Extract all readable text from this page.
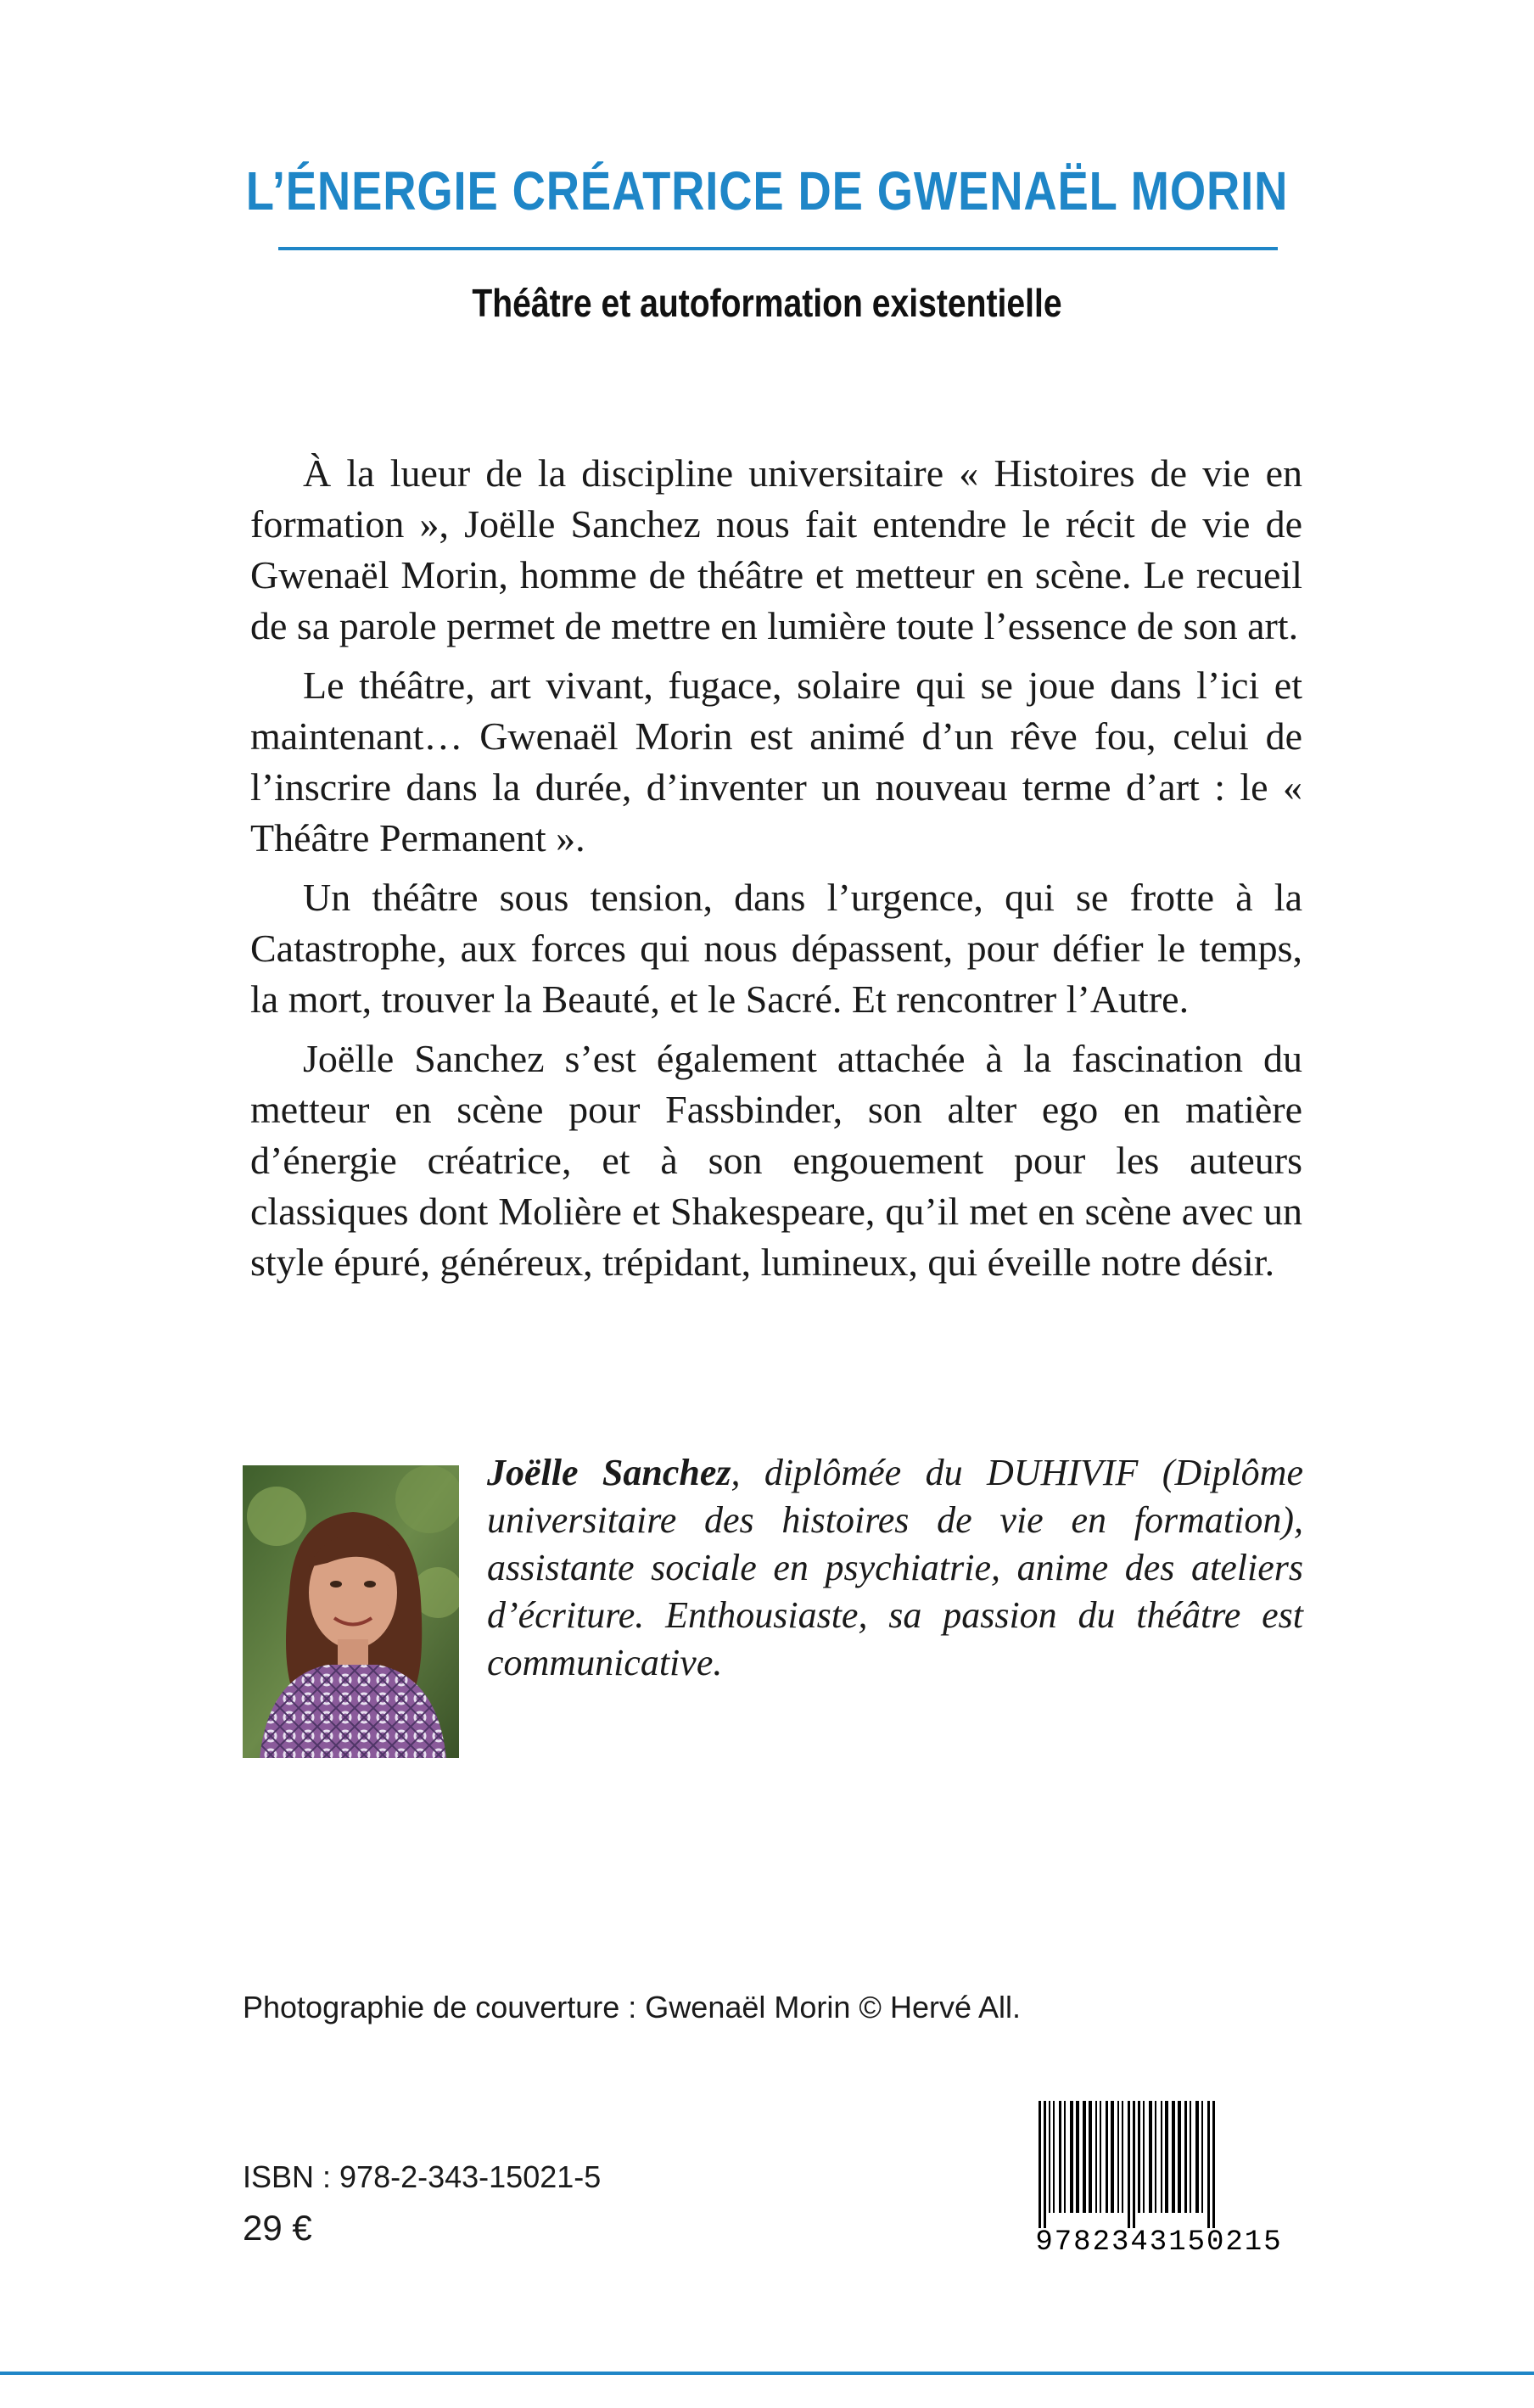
L’ÉNERGIE CRÉATRICE DE GWENAËL MORIN
Théâtre et autoformation existentielle

À la lueur de la discipline universitaire « Histoires de vie en formation », Joëlle Sanchez nous fait entendre le récit de vie de Gwenaël Morin, homme de théâtre et metteur en scène. Le recueil de sa parole permet de mettre en lumière toute l’essence de son art.

Le théâtre, art vivant, fugace, solaire qui se joue dans l’ici et maintenant… Gwenaël Morin est animé d’un rêve fou, celui de l’inscrire dans la durée, d’inventer un nouveau terme d’art : le « Théâtre Permanent ».

Un théâtre sous tension, dans l’urgence, qui se frotte à la Catastrophe, aux forces qui nous dépassent, pour défier le temps, la mort, trouver la Beauté, et le Sacré. Et rencontrer l’Autre.

Joëlle Sanchez s’est également attachée à la fascination du metteur en scène pour Fassbinder, son alter ego en matière d’énergie créatrice, et à son engouement pour les auteurs classiques dont Molière et Shakespeare, qu’il met en scène avec un style épuré, généreux, trépidant, lumineux, qui éveille notre désir.

Joëlle Sanchez, diplômée du DUHIVIF (Diplôme universitaire des histoires de vie en formation), assistante sociale en psychiatrie, anime des ateliers d’écriture. Enthousiaste, sa passion du théâtre est communicative.

Photographie de couverture : Gwenaël Morin © Hervé All.

ISBN : 978-2-343-15021-5

29 €	9782343150215
